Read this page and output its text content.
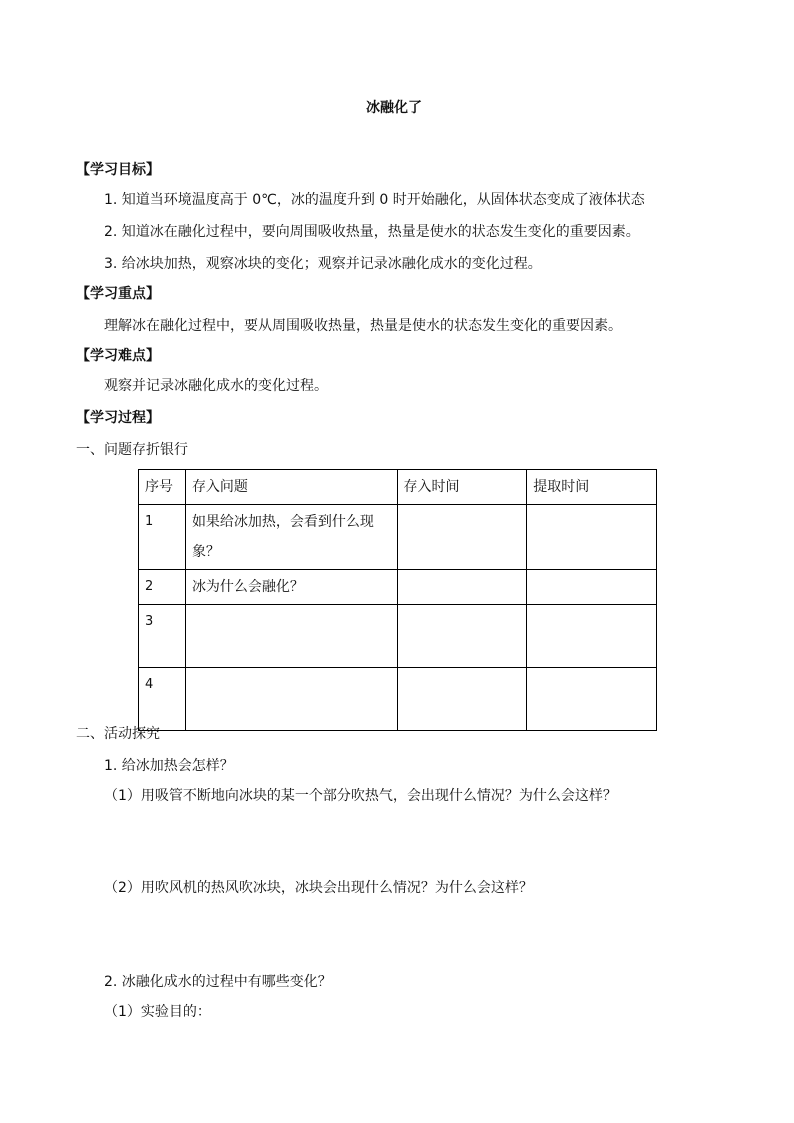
冰融化了
【学习目标】
1. 知道当环境温度高于 0℃，冰的温度升到 0 时开始融化，从固体状态变成了液体状态
2. 知道冰在融化过程中，要向周围吸收热量，热量是使水的状态发生变化的重要因素。
3. 给冰块加热，观察冰块的变化；观察并记录冰融化成水的变化过程。
【学习重点】
理解冰在融化过程中，要从周围吸收热量，热量是使水的状态发生变化的重要因素。
【学习难点】
观察并记录冰融化成水的变化过程。
【学习过程】
一、问题存折银行
序号	存入问题	存入时间	提取时间
1	如果给冰加热，会看到什么现象？		
2	冰为什么会融化？		
3			
4			
二、活动探究
1. 给冰加热会怎样？
（1）用吸管不断地向冰块的某一个部分吹热气，会出现什么情况？为什么会这样？
（2）用吹风机的热风吹冰块，冰块会出现什么情况？为什么会这样？
2. 冰融化成水的过程中有哪些变化？
（1）实验目的：
